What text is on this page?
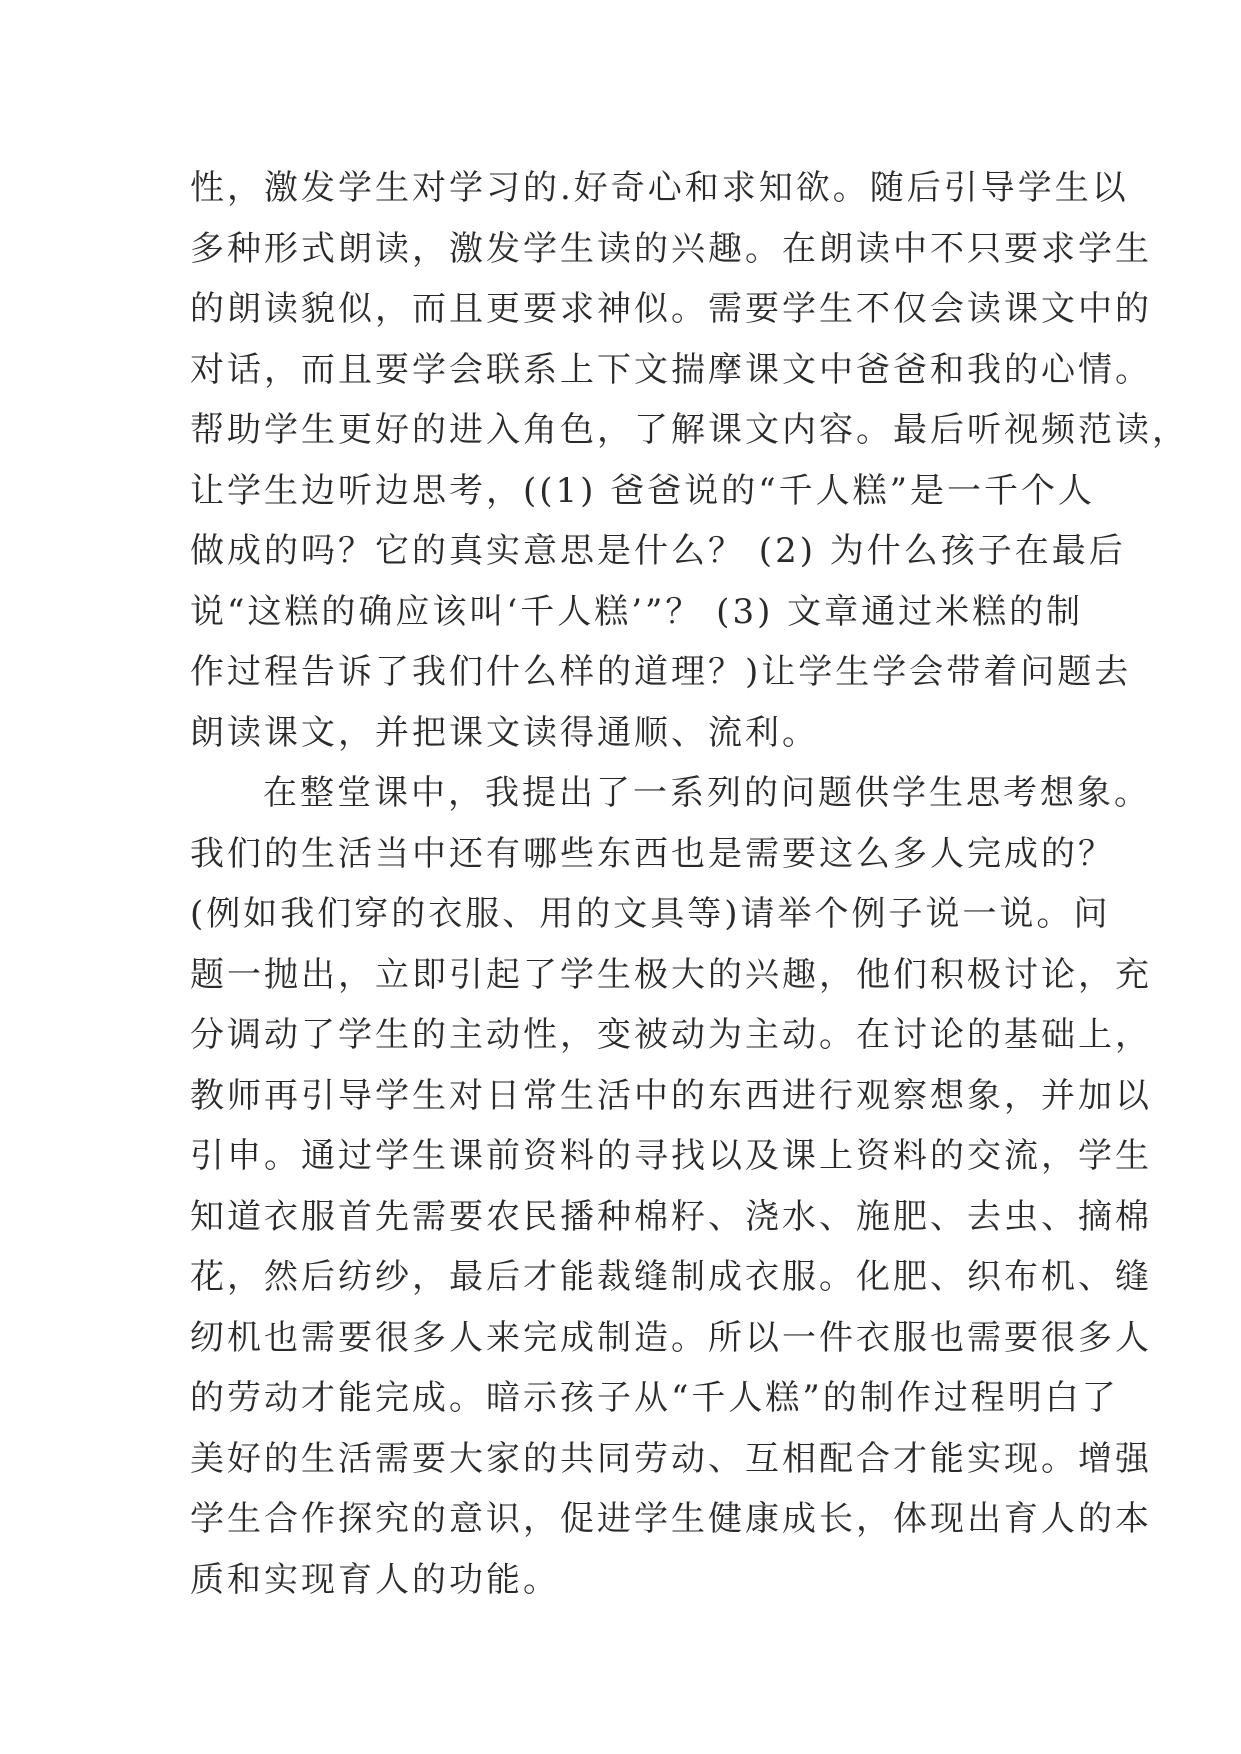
性，激发学生对学习的.好奇心和求知欲。随后引导学生以
多种形式朗读，激发学生读的兴趣。在朗读中不只要求学生
的朗读貌似，而且更要求神似。需要学生不仅会读课文中的
对话，而且要学会联系上下文揣摩课文中爸爸和我的心情。
帮助学生更好的进入角色，了解课文内容。最后听视频范读，
让学生边听边思考，((1) 爸爸说的“千人糕”是一千个人
做成的吗？它的真实意思是什么？ (2) 为什么孩子在最后
说“这糕的确应该叫‘千人糕’”？ (3) 文章通过米糕的制
作过程告诉了我们什么样的道理？)让学生学会带着问题去
朗读课文，并把课文读得通顺、流利。
在整堂课中，我提出了一系列的问题供学生思考想象。
我们的生活当中还有哪些东西也是需要这么多人完成的？
(例如我们穿的衣服、用的文具等)请举个例子说一说。问
题一抛出，立即引起了学生极大的兴趣，他们积极讨论，充
分调动了学生的主动性，变被动为主动。在讨论的基础上，
教师再引导学生对日常生活中的东西进行观察想象，并加以
引申。通过学生课前资料的寻找以及课上资料的交流，学生
知道衣服首先需要农民播种棉籽、浇水、施肥、去虫、摘棉
花，然后纺纱，最后才能裁缝制成衣服。化肥、织布机、缝
纫机也需要很多人来完成制造。所以一件衣服也需要很多人
的劳动才能完成。暗示孩子从“千人糕”的制作过程明白了
美好的生活需要大家的共同劳动、互相配合才能实现。增强
学生合作探究的意识，促进学生健康成长，体现出育人的本
质和实现育人的功能。
